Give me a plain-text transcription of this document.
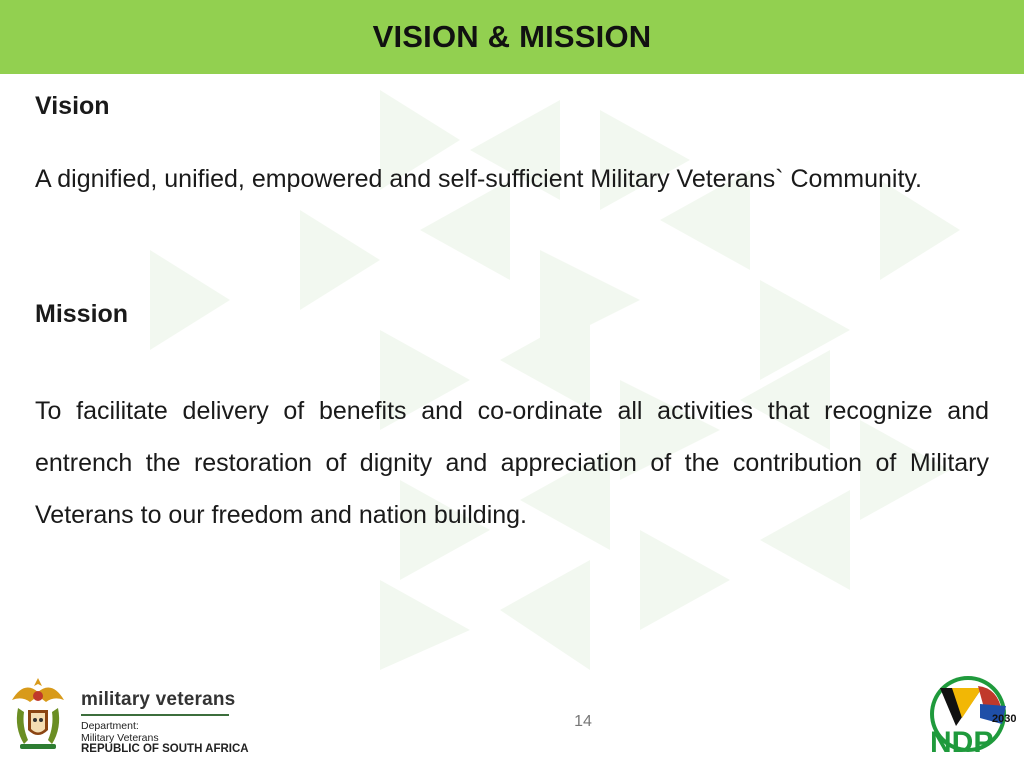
VISION & MISSION

Vision

A dignified, unified, empowered and self-sufficient Military Veterans` Community.

Mission

To facilitate delivery of benefits and co-ordinate all activities that recognize and entrench the restoration of dignity and appreciation of the contribution of Military Veterans to our freedom and nation building.

14

military veterans

Department:

Military Veterans

REPUBLIC OF SOUTH AFRICA

2030
NDP
